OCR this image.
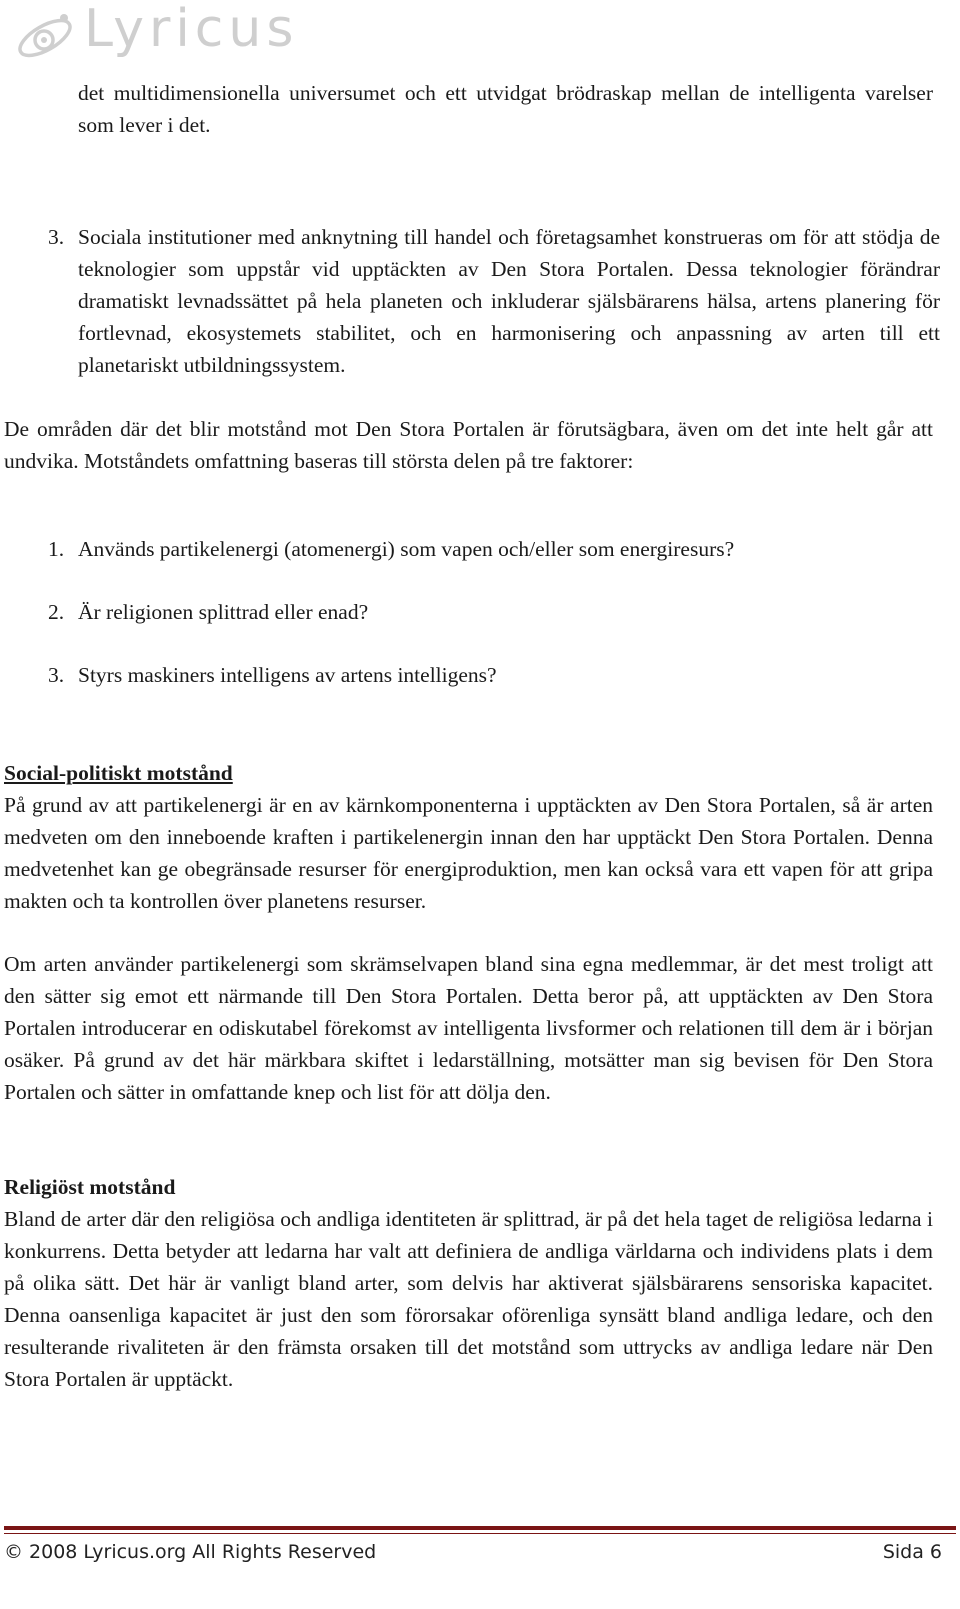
Lyricus
det multidimensionella universumet och ett utvidgat brödraskap mellan de intelligenta varelser som lever i det.
3. Sociala institutioner med anknytning till handel och företagsamhet konstrueras om för att stödja de teknologier som uppstår vid upptäckten av Den Stora Portalen. Dessa teknologier förändrar dramatiskt levnadssättet på hela planeten och inkluderar själsbärarens hälsa, artens planering för fortlevnad, ekosystemets stabilitet, och en harmonisering och anpassning av arten till ett planetariskt utbildningssystem.
De områden där det blir motstånd mot Den Stora Portalen är förutsägbara, även om det inte helt går att undvika. Motståndets omfattning baseras till största delen på tre faktorer:
1. Används partikelenergi (atomenergi) som vapen och/eller som energiresurs?
2. Är religionen splittrad eller enad?
3. Styrs maskiners intelligens av artens intelligens?
Social-politiskt motstånd
På grund av att partikelenergi är en av kärnkomponenterna i upptäckten av Den Stora Portalen, så är arten medveten om den inneboende kraften i partikelenergin innan den har upptäckt Den Stora Portalen. Denna medvetenhet kan ge obegränsade resurser för energiproduktion, men kan också vara ett vapen för att gripa makten och ta kontrollen över planetens resurser.
Om arten använder partikelenergi som skrämselvapen bland sina egna medlemmar, är det mest troligt att den sätter sig emot ett närmande till Den Stora Portalen. Detta beror på, att upptäckten av Den Stora Portalen introducerar en odiskutabel förekomst av intelligenta livsformer och relationen till dem är i början osäker. På grund av det här märkbara skiftet i ledarställning, motsätter man sig bevisen för Den Stora Portalen och sätter in omfattande knep och list för att dölja den.
Religiöst motstånd
Bland de arter där den religiösa och andliga identiteten är splittrad, är på det hela taget de religiösa ledarna i konkurrens. Detta betyder att ledarna har valt att definiera de andliga världarna och individens plats i dem på olika sätt. Det här är vanligt bland arter, som delvis har aktiverat själsbärarens sensoriska kapacitet. Denna oansenliga kapacitet är just den som förorsakar oförenliga synsätt bland andliga ledare, och den resulterande rivaliteten är den främsta orsaken till det motstånd som uttrycks av andliga ledare när Den Stora Portalen är upptäckt.
© 2008 Lyricus.org All Rights Reserved	Sida 6
